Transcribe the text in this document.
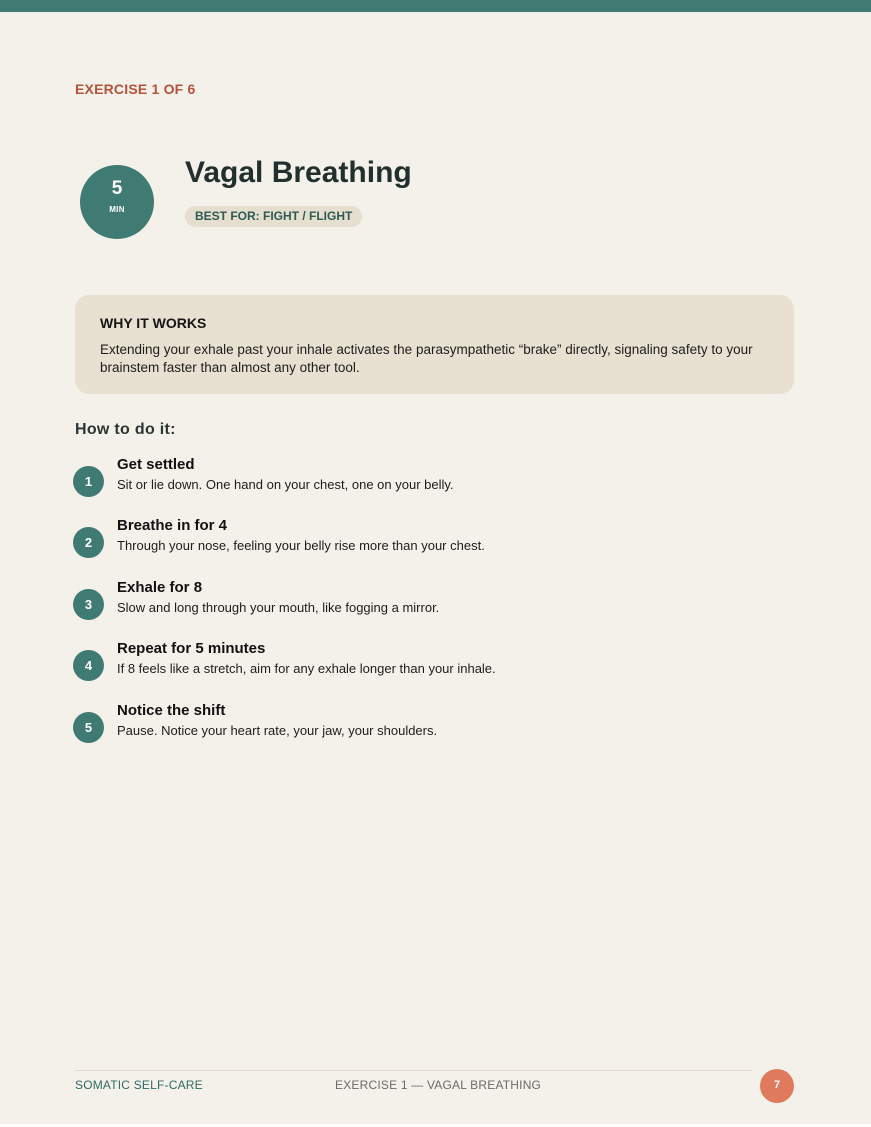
EXERCISE 1 OF 6
5
MIN
Vagal Breathing
BEST FOR: FIGHT / FLIGHT

WHY IT WORKS

Extending your exhale past your inhale activates the parasympathetic “brake” directly, signaling safety to your brainstem faster than almost any other tool.

How to do it:
1
Get settled
Sit or lie down. One hand on your chest, one on your belly.
2
Breathe in for 4
Through your nose, feeling your belly rise more than your chest.
3
Exhale for 8
Slow and long through your mouth, like fogging a mirror.
4
Repeat for 5 minutes
If 8 feels like a stretch, aim for any exhale longer than your inhale.
5
Notice the shift
Pause. Notice your heart rate, your jaw, your shoulders.
SOMATIC SELF-CARE	EXERCISE 1 — VAGAL BREATHING	7
